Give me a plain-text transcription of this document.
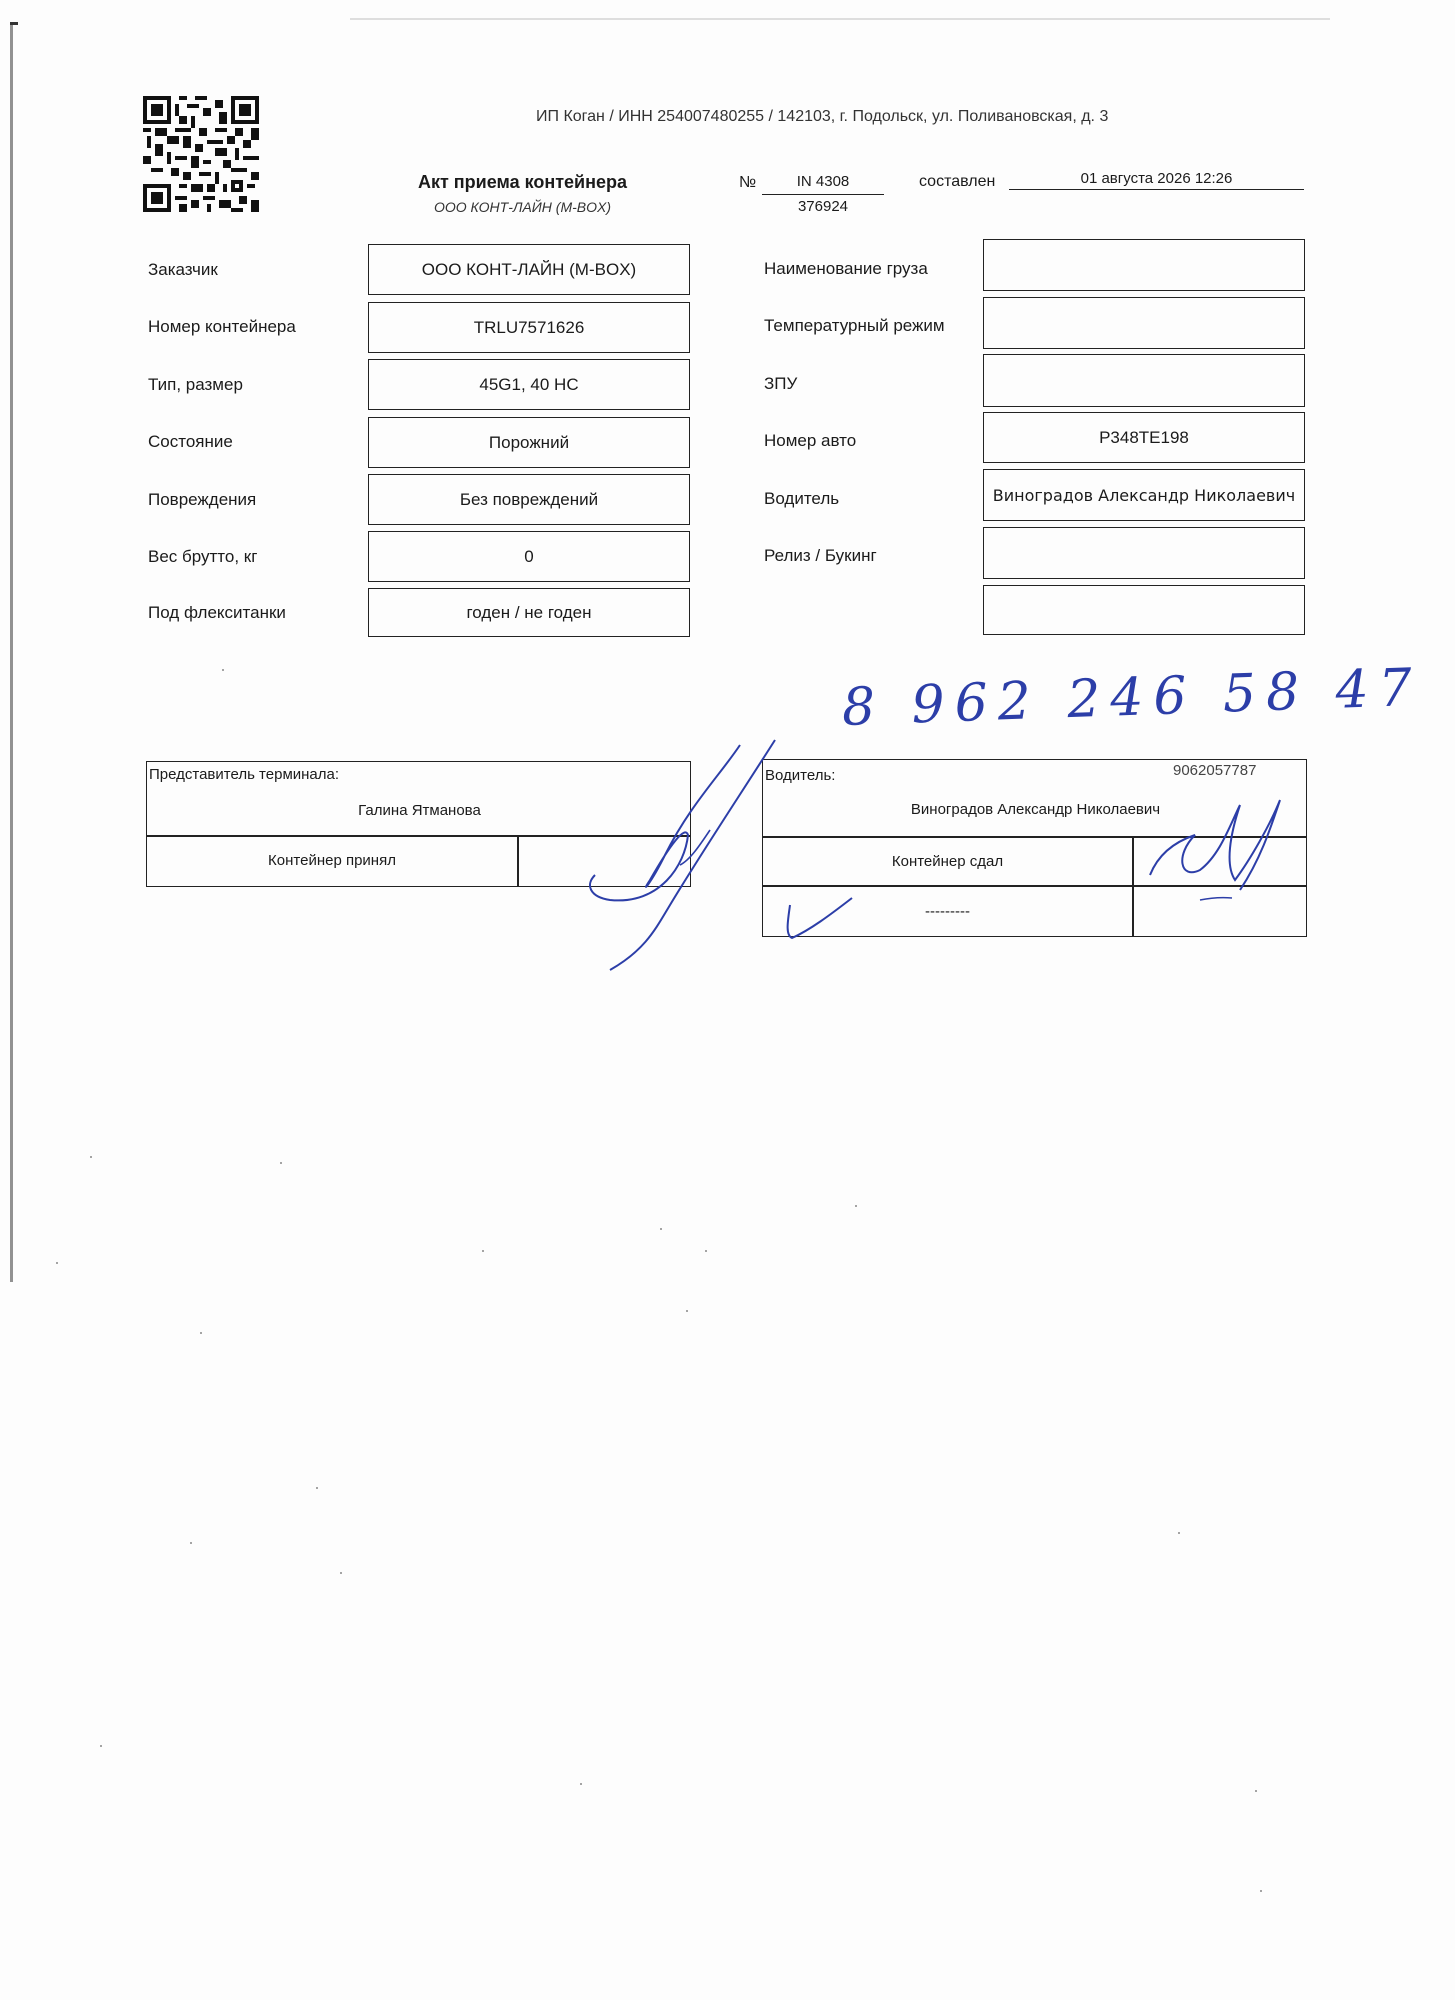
ИП Коган / ИНН 254007480255 / 142103, г. Подольск, ул. Поливановская, д. 3
Акт приема контейнера
ООО КОНТ-ЛАЙН (M-BOX)
№	IN 4308
376924
составлен	01 августа 2026 12:26
Заказчик	ООО КОНТ-ЛАЙН (M-BOX)
Номер контейнера	TRLU7571626
Тип, размер	45G1, 40 HC
Состояние	Порожний
Повреждения	Без повреждений
Вес брутто, кг	0
Под флекситанки	годен / не годен
Наименование груза
Температурный режим
ЗПУ
Номер авто	Р348ТЕ198
Водитель	Виноградов Александр Николаевич
Релиз / Букинг
8 962 246 58 47
Представитель терминала:
Галина Ятманова
Контейнер принял
Водитель:	9062057787
Виноградов Александр Николаевич
Контейнер сдал
---------
